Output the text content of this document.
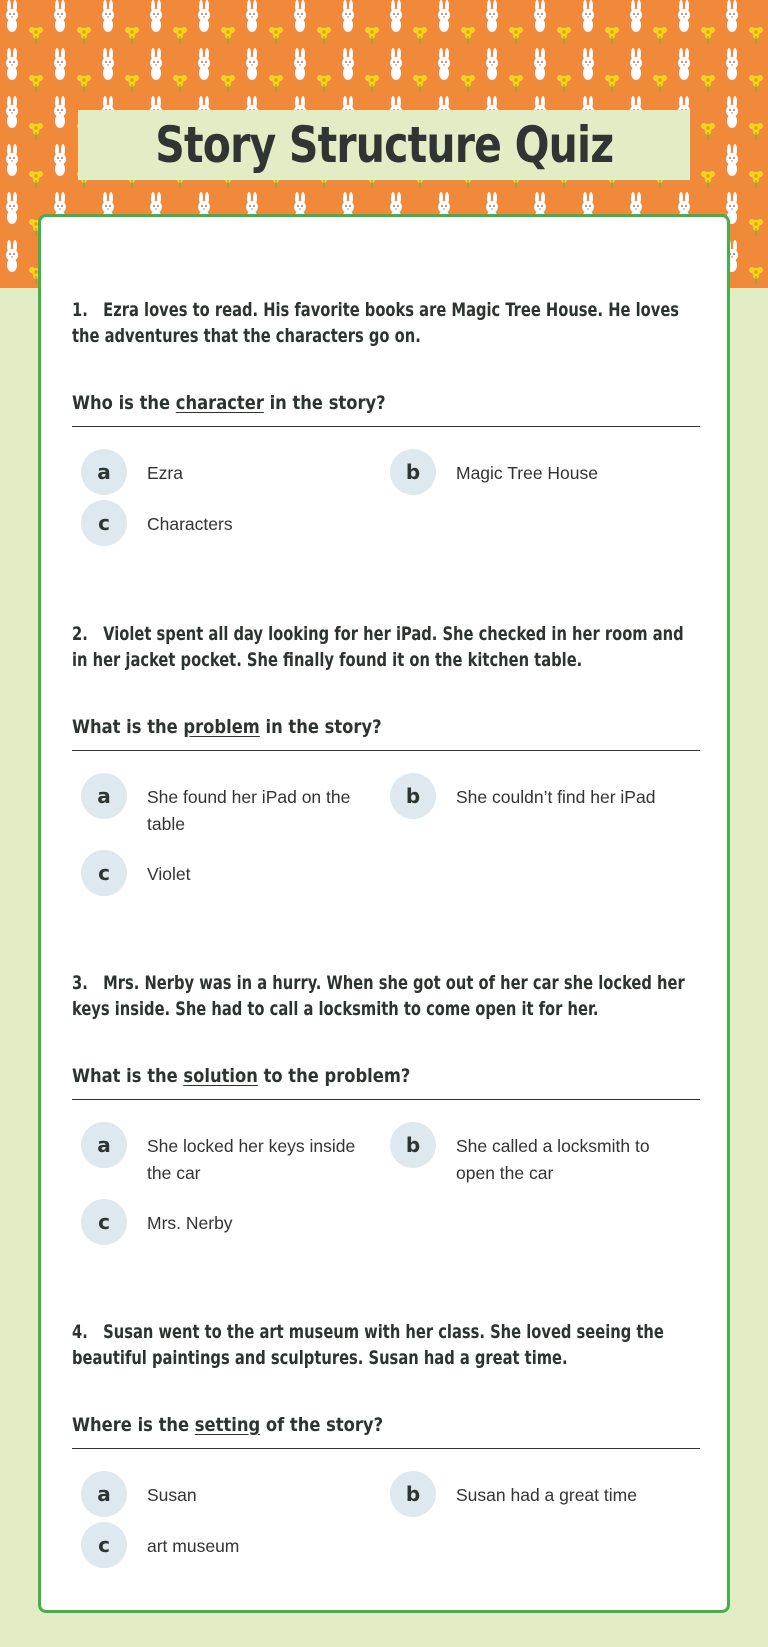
Story Structure Quiz
1. Ezra loves to read. His favorite books are Magic Tree House. He loves the adventures that the characters go on.
Who is the character in the story?
a	Ezra	b	Magic Tree House
c	Characters
2. Violet spent all day looking for her iPad. She checked in her room and in her jacket pocket. She finally found it on the kitchen table.
What is the problem in the story?
a	She found her iPad on the table
b	She couldn’t find her iPad
c	Violet
3. Mrs. Nerby was in a hurry. When she got out of her car she locked her keys inside. She had to call a locksmith to come open it for her.
What is the solution to the problem?
a	She locked her keys inside the car
b	She called a locksmith to open the car
c	Mrs. Nerby
4. Susan went to the art museum with her class. She loved seeing the beautiful paintings and sculptures. Susan had a great time.
Where is the setting of the story?
a	Susan	b	Susan had a great time
c	art museum
